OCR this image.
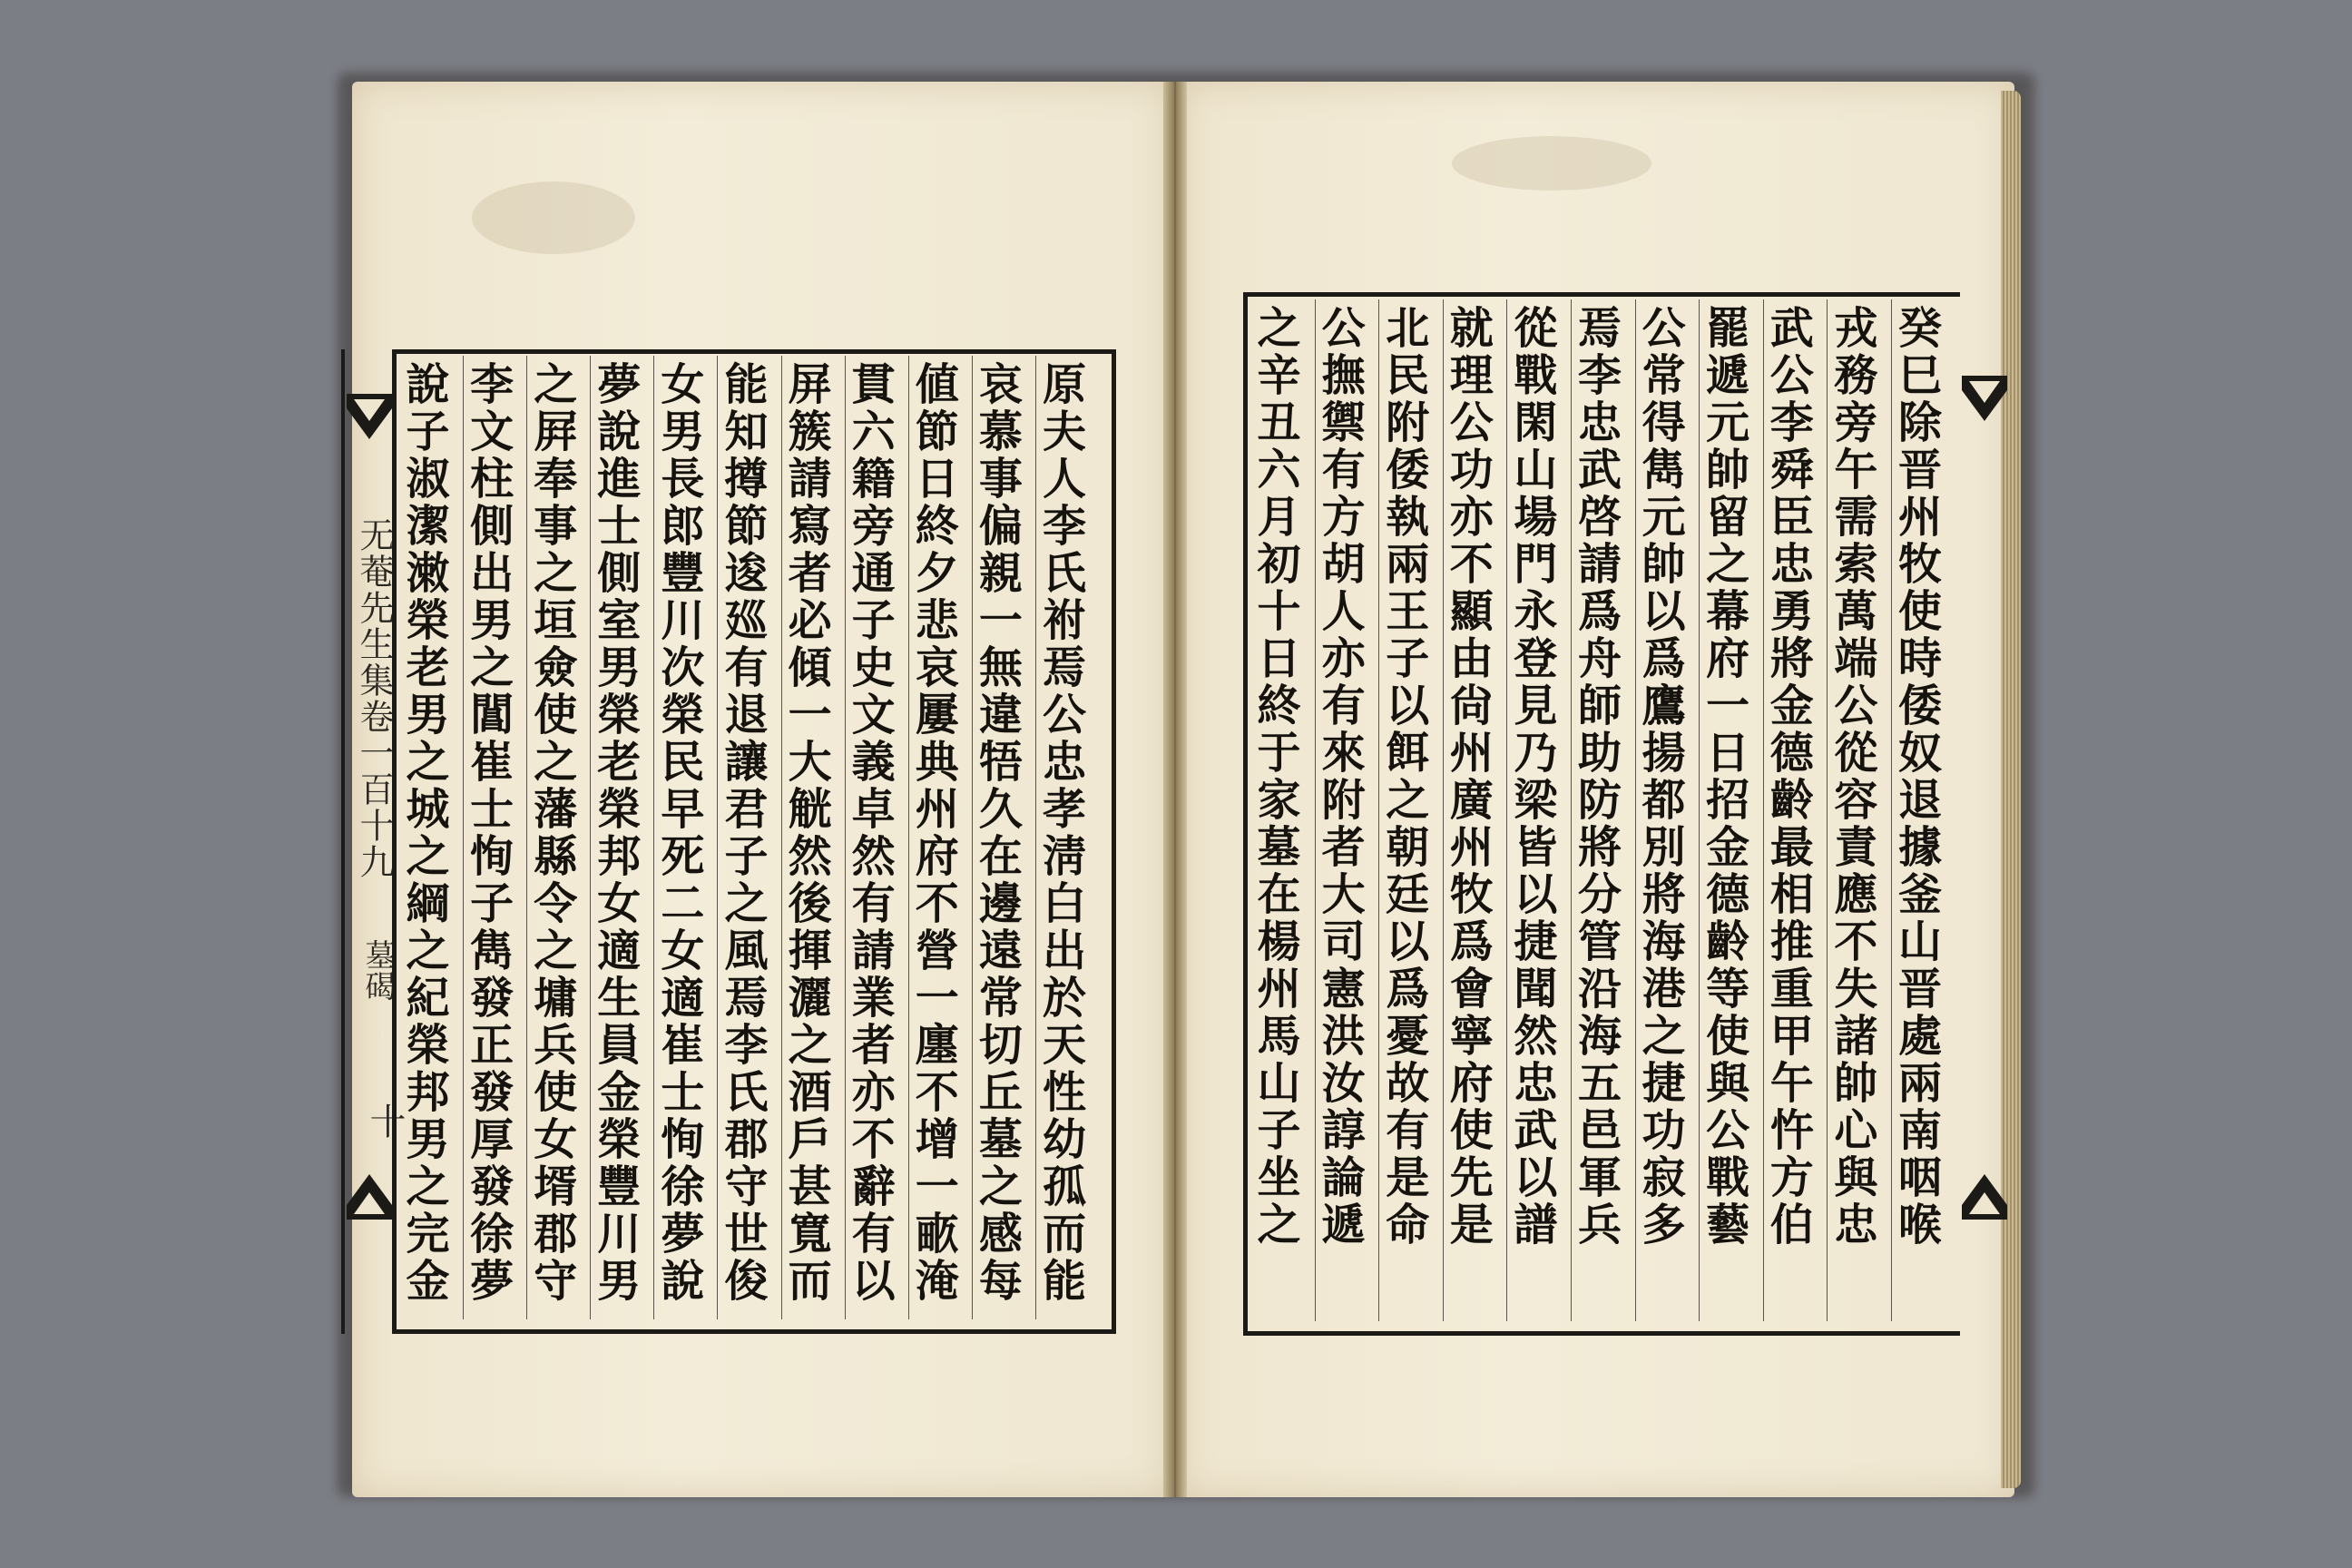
无菴先生集卷一百十九
墓碣
十	原夫人李氏祔焉公忠孝淸白出於天性幼孤而能
哀慕事偏親一無違牾久在邊遠常切丘墓之感每
値節日終夕悲哀屢典州府不營一廛不增一畞淹
貫六籍旁通子史文義卓然有請業者亦不辭有以
屏簇請寫者必傾一大觥然後揮灑之酒戶甚寬而
能知撙節逡廵有退讓君子之風焉李氏郡守世俊
女男長郎豐川次榮民早死二女適崔士恂徐夢說
夢說進士側室男榮老榮邦女適生員金榮豐川男
之屛奉事之垣僉使之藩縣令之墉兵使女壻郡守
李文柱側出男之閶崔士恂子雋發正發厚發徐夢
說子淑潔潄榮老男之城之綱之紀榮邦男之完金	癸巳除晋州牧使時倭奴退據釜山晋處兩南咽喉
戎務旁午需索萬端公從容責應不失諸帥心與忠
武公李舜臣忠勇將金德齡最相推重甲午忤方伯
罷遞元帥留之幕府一日招金德齡等使與公戰藝
公常得雋元帥以爲鷹揚都別將海港之捷功寂多
焉李忠武啓請爲舟師助防將分管沿海五邑軍兵
從戰閑山場門永登見乃梁皆以捷聞然忠武以譜
就理公功亦不顯由尙州廣州牧爲會寧府使先是
北民附倭執兩王子以餌之朝廷以爲憂故有是命
公撫禦有方胡人亦有來附者大司憲洪汝諄論遞
之辛丑六月初十日終于家墓在楊州馬山子坐之
